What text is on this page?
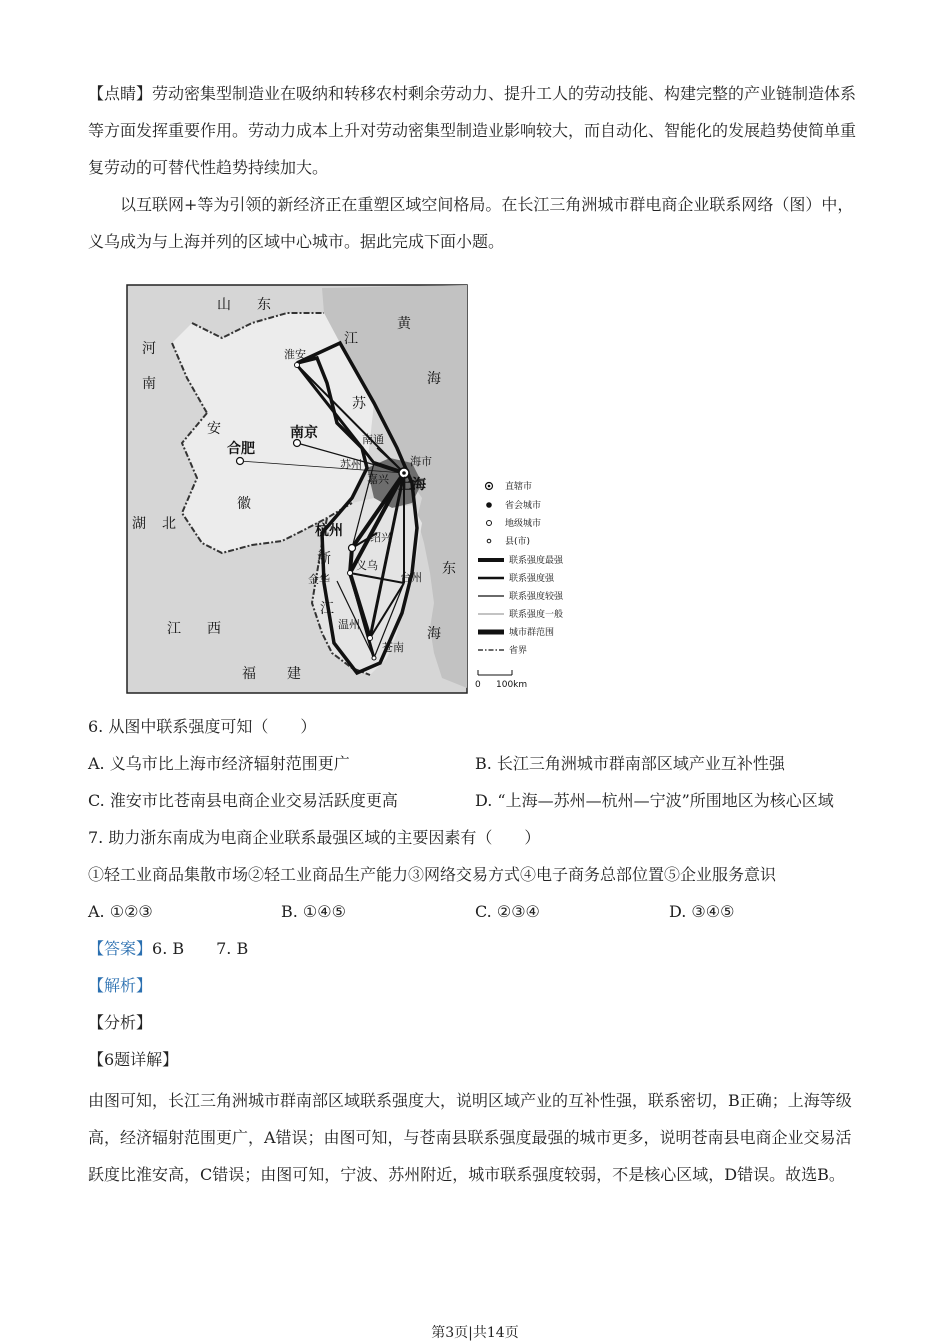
【点睛】劳动密集型制造业在吸纳和转移农村剩余劳动力、提升工人的劳动技能、构建完整的产业链制造体系等方面发挥重要作用。劳动力成本上升对劳动密集型制造业影响较大，而自动化、智能化的发展趋势使简单重复劳动的可替代性趋势持续加大。

以互联网+等为引领的新经济正在重塑区域空间格局。在长江三角洲城市群电商企业联系网络（图）中，义乌成为与上海并列的区域中心城市。据此完成下面小题。

山 东
河
南
安
徽
湖 北
江 西
福 建
江
苏
浙
江
黄
海
东
海
淮安
合肥
南京	南通
苏州
嘉兴
海市
上海
杭州 绍兴
金华
义乌
台州
温州
苍南
直辖市
省会城市
地级城市
县(市)
联系强度最强
联系强度强
联系强度较强
联系强度一般
城市群范围
省界
0 100km
6. 从图中联系强度可知（　　）
A. 义乌市比上海市经济辐射范围更广	B. 长江三角洲城市群南部区域产业互补性强
C. 淮安市比苍南县电商企业交易活跃度更高	D. “上海—苏州—杭州—宁波”所围地区为核心区域
7. 助力浙东南成为电商企业联系最强区域的主要因素有（　　）
①轻工业商品集散市场②轻工业商品生产能力③网络交易方式④电子商务总部位置⑤企业服务意识
A. ①②③	B. ①④⑤	C. ②③④	D. ③④⑤
【答案】6. B　　7. B
【解析】
【分析】
【6题详解】

由图可知，长江三角洲城市群南部区域联系强度大，说明区域产业的互补性强，联系密切，B正确；上海等级高，经济辐射范围更广，A错误；由图可知，与苍南县联系强度最强的城市更多，说明苍南县电商企业交易活跃度比淮安高，C错误；由图可知，宁波、苏州附近，城市联系强度较弱，不是核心区域，D错误。故选B。

第3页|共14页
